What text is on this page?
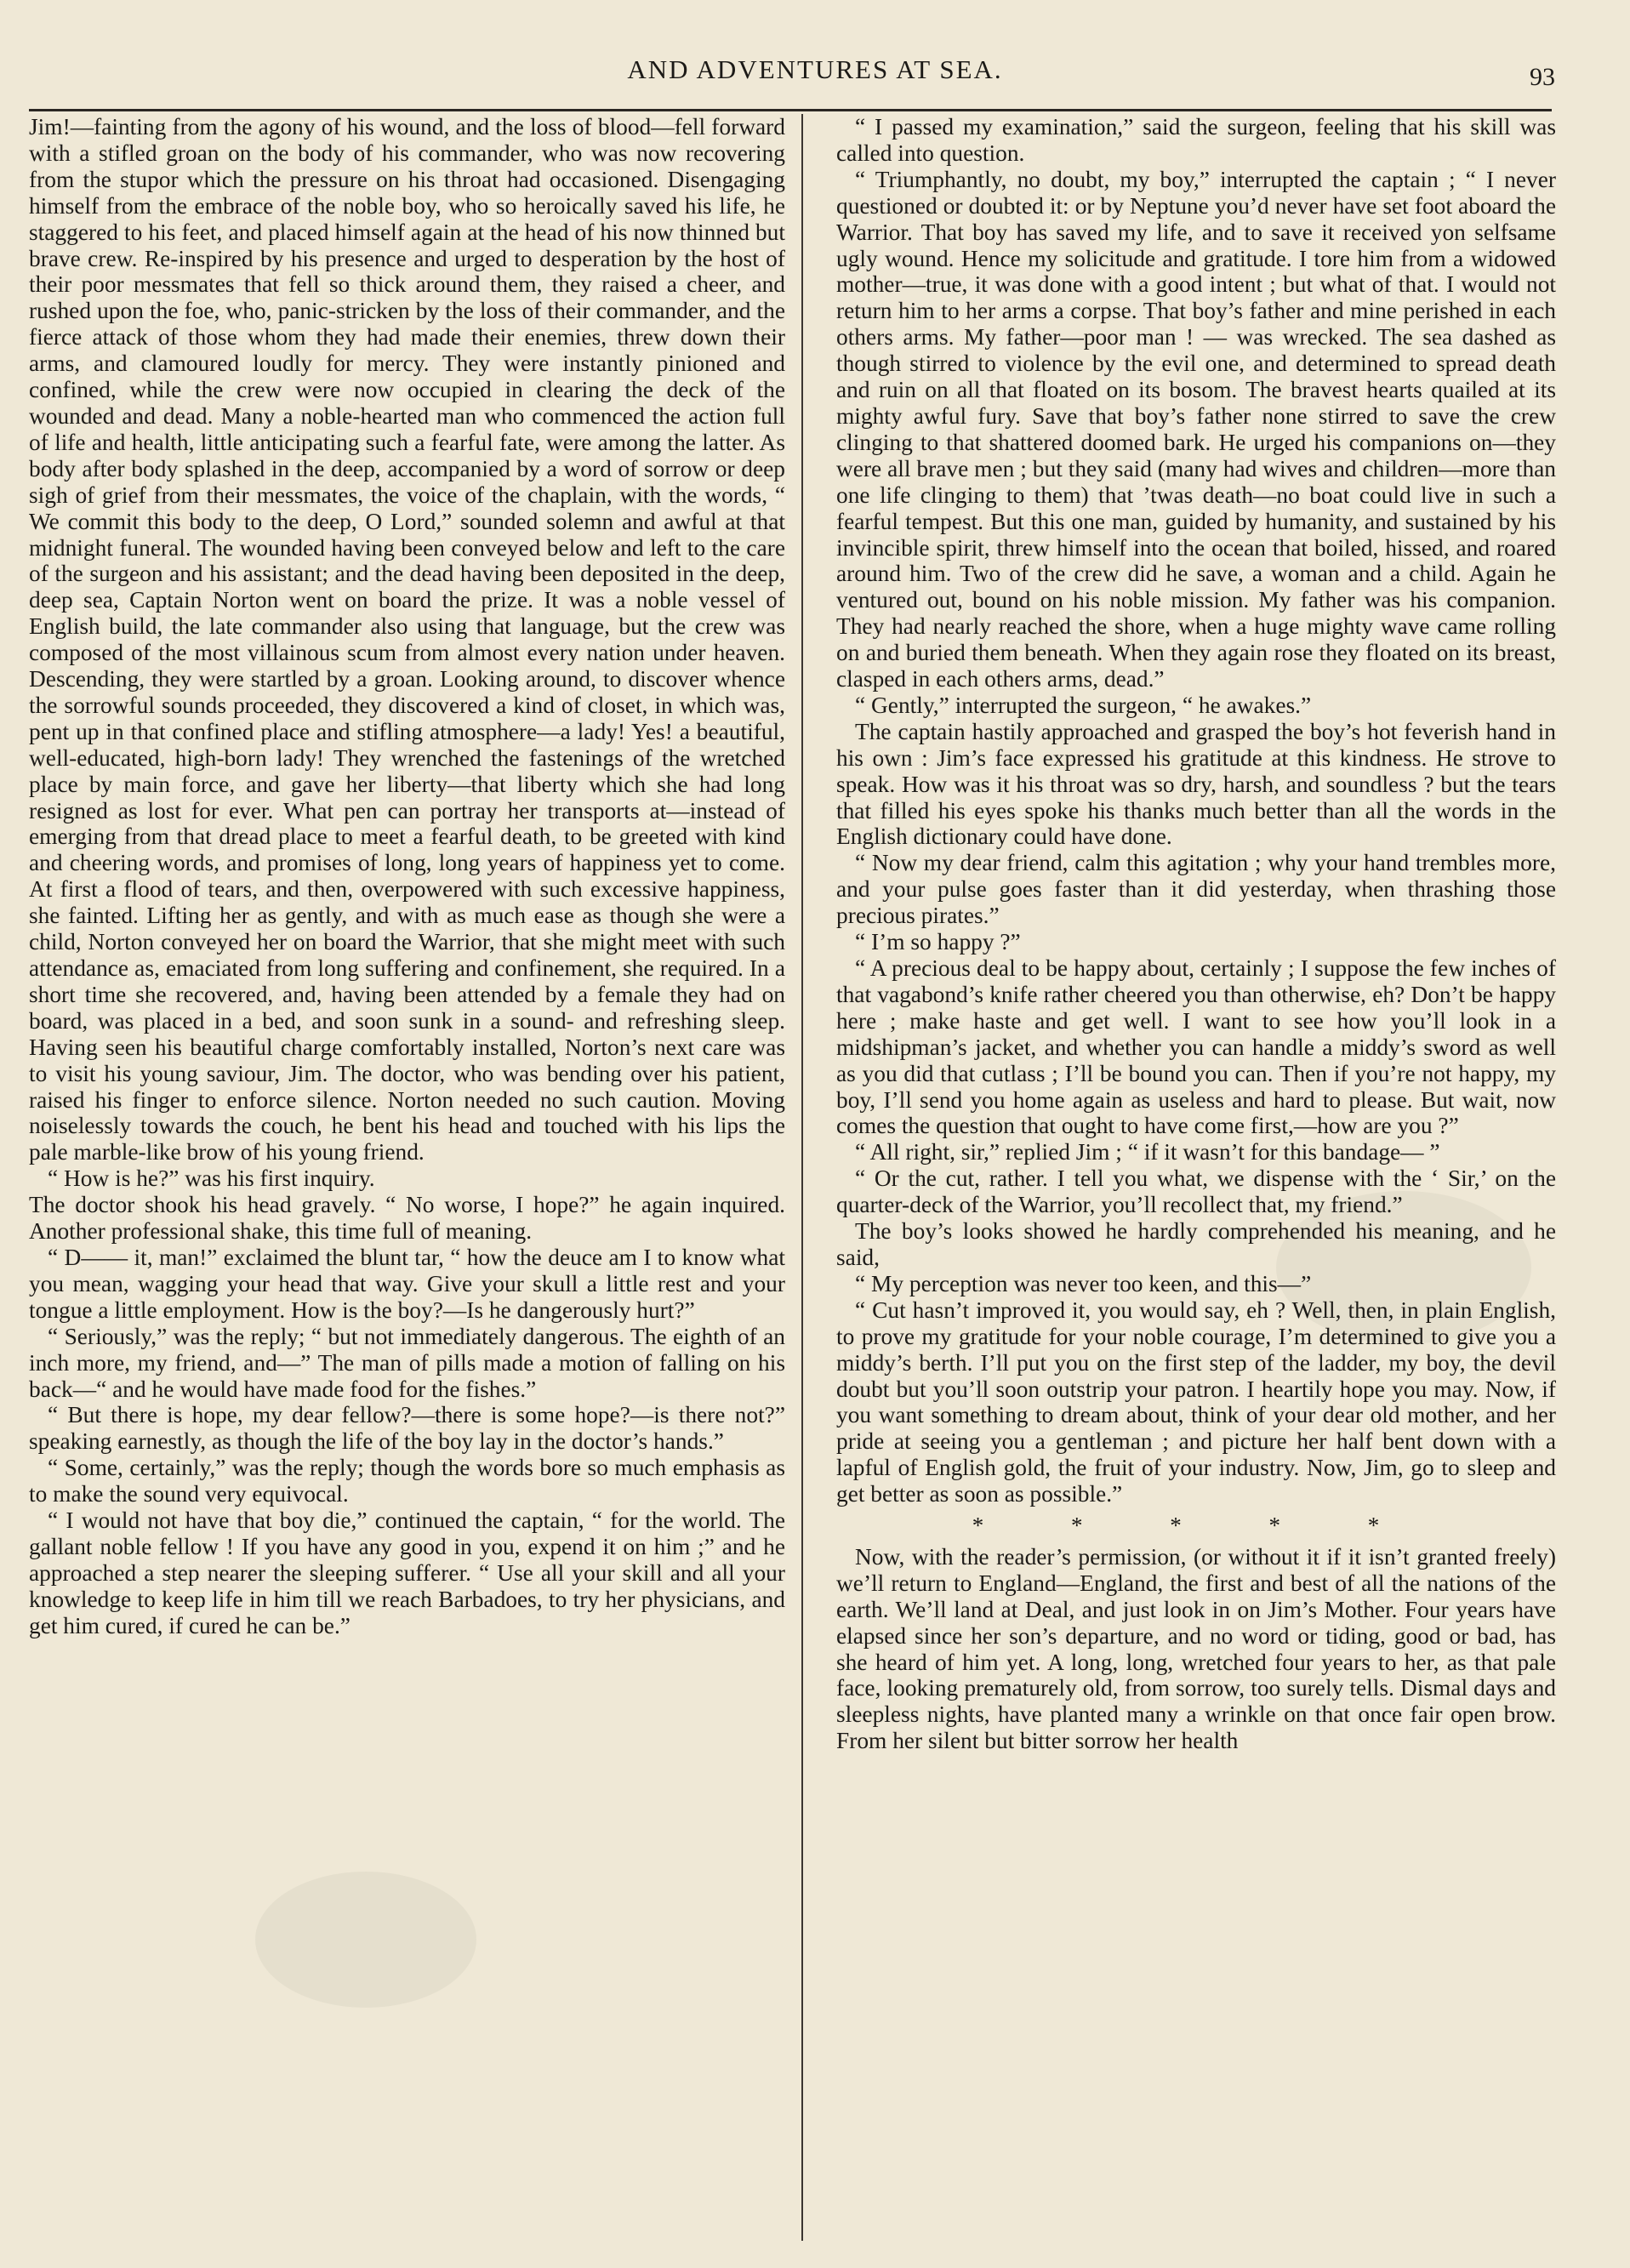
AND ADVENTURES AT SEA.	93

Jim!—fainting from the agony of his wound, and the loss of blood—fell forward with a stifled groan on the body of his commander, who was now recovering from the stupor which the pressure on his throat had occasioned. Disengaging himself from the embrace of the noble boy, who so heroically saved his life, he staggered to his feet, and placed himself again at the head of his now thinned but brave crew. Re-inspired by his presence and urged to desperation by the host of their poor messmates that fell so thick around them, they raised a cheer, and rushed upon the foe, who, panic-stricken by the loss of their commander, and the fierce attack of those whom they had made their enemies, threw down their arms, and clamoured loudly for mercy. They were instantly pinioned and confined, while the crew were now occupied in clearing the deck of the wounded and dead. Many a noble-hearted man who commenced the action full of life and health, little anticipating such a fearful fate, were among the latter. As body after body splashed in the deep, accompanied by a word of sorrow or deep sigh of grief from their messmates, the voice of the chaplain, with the words, “ We commit this body to the deep, O Lord,” sounded solemn and awful at that midnight funeral. The wounded having been conveyed below and left to the care of the surgeon and his assistant; and the dead having been deposited in the deep, deep sea, Captain Norton went on board the prize. It was a noble vessel of English build, the late commander also using that language, but the crew was composed of the most villainous scum from almost every nation under heaven. Descending, they were startled by a groan. Looking around, to discover whence the sorrowful sounds proceeded, they discovered a kind of closet, in which was, pent up in that confined place and stifling atmosphere—a lady! Yes! a beautiful, well-educated, high-born lady! They wrenched the fastenings of the wretched place by main force, and gave her liberty—that liberty which she had long resigned as lost for ever. What pen can portray her transports at—instead of emerging from that dread place to meet a fearful death, to be greeted with kind and cheering words, and promises of long, long years of happiness yet to come. At first a flood of tears, and then, overpowered with such excessive happiness, she fainted. Lifting her as gently, and with as much ease as though she were a child, Norton conveyed her on board the Warrior, that she might meet with such attendance as, emaciated from long suffering and confinement, she required. In a short time she recovered, and, having been attended by a female they had on board, was placed in a bed, and soon sunk in a sound- and refreshing sleep. Having seen his beautiful charge comfortably installed, Norton’s next care was to visit his young saviour, Jim. The doctor, who was bending over his patient, raised his finger to enforce silence. Norton needed no such caution. Moving noiselessly towards the couch, he bent his head and touched with his lips the pale marble-like brow of his young friend.

“ How is he?” was his first inquiry.

The doctor shook his head gravely. “ No worse, I hope?” he again inquired. Another professional shake, this time full of meaning.

“ D—— it, man!” exclaimed the blunt tar, “ how the deuce am I to know what you mean, wagging your head that way. Give your skull a little rest and your tongue a little employment. How is the boy?—Is he dangerously hurt?”

“ Seriously,” was the reply; “ but not immediately dangerous. The eighth of an inch more, my friend, and—” The man of pills made a motion of falling on his back—“ and he would have made food for the fishes.”

“ But there is hope, my dear fellow?—there is some hope?—is there not?” speaking earnestly, as though the life of the boy lay in the doctor’s hands.”

“ Some, certainly,” was the reply; though the words bore so much emphasis as to make the sound very equivocal.

“ I would not have that boy die,” continued the captain, “ for the world. The gallant noble fellow ! If you have any good in you, expend it on him ;” and he approached a step nearer the sleeping sufferer. “ Use all your skill and all your knowledge to keep life in him till we reach Barbadoes, to try her physicians, and get him cured, if cured he can be.”

“ I passed my examination,” said the surgeon, feeling that his skill was called into question.

“ Triumphantly, no doubt, my boy,” interrupted the captain ; “ I never questioned or doubted it: or by Neptune you’d never have set foot aboard the Warrior. That boy has saved my life, and to save it received yon selfsame ugly wound. Hence my solicitude and gratitude. I tore him from a widowed mother—true, it was done with a good intent ; but what of that. I would not return him to her arms a corpse. That boy’s father and mine perished in each others arms. My father—poor man ! — was wrecked. The sea dashed as though stirred to violence by the evil one, and determined to spread death and ruin on all that floated on its bosom. The bravest hearts quailed at its mighty awful fury. Save that boy’s father none stirred to save the crew clinging to that shattered doomed bark. He urged his companions on—they were all brave men ; but they said (many had wives and children—more than one life clinging to them) that ’twas death—no boat could live in such a fearful tempest. But this one man, guided by humanity, and sustained by his invincible spirit, threw himself into the ocean that boiled, hissed, and roared around him. Two of the crew did he save, a woman and a child. Again he ventured out, bound on his noble mission. My father was his companion. They had nearly reached the shore, when a huge mighty wave came rolling on and buried them beneath. When they again rose they floated on its breast, clasped in each others arms, dead.”

“ Gently,” interrupted the surgeon, “ he awakes.”

The captain hastily approached and grasped the boy’s hot feverish hand in his own : Jim’s face expressed his gratitude at this kindness. He strove to speak. How was it his throat was so dry, harsh, and soundless ? but the tears that filled his eyes spoke his thanks much better than all the words in the English dictionary could have done.

“ Now my dear friend, calm this agitation ; why your hand trembles more, and your pulse goes faster than it did yesterday, when thrashing those precious pirates.”

“ I’m so happy ?”

“ A precious deal to be happy about, certainly ; I suppose the few inches of that vagabond’s knife rather cheered you than otherwise, eh? Don’t be happy here ; make haste and get well. I want to see how you’ll look in a midshipman’s jacket, and whether you can handle a middy’s sword as well as you did that cutlass ; I’ll be bound you can. Then if you’re not happy, my boy, I’ll send you home again as useless and hard to please. But wait, now comes the question that ought to have come first,—how are you ?”

“ All right, sir,” replied Jim ; “ if it wasn’t for this bandage— ”

“ Or the cut, rather. I tell you what, we dispense with the ‘ Sir,’ on the quarter-deck of the Warrior, you’ll recollect that, my friend.”

The boy’s looks showed he hardly comprehended his meaning, and he said,

“ My perception was never too keen, and this—”

“ Cut hasn’t improved it, you would say, eh ? Well, then, in plain English, to prove my gratitude for your noble courage, I’m determined to give you a middy’s berth. I’ll put you on the first step of the ladder, my boy, the devil doubt but you’ll soon outstrip your patron. I heartily hope you may. Now, if you want something to dream about, think of your dear old mother, and her pride at seeing you a gentleman ; and picture her half bent down with a lapful of English gold, the fruit of your industry. Now, Jim, go to sleep and get better as soon as possible.”

* * * * *

Now, with the reader’s permission, (or without it if it isn’t granted freely) we’ll return to England—England, the first and best of all the nations of the earth. We’ll land at Deal, and just look in on Jim’s Mother. Four years have elapsed since her son’s departure, and no word or tiding, good or bad, has she heard of him yet. A long, long, wretched four years to her, as that pale face, looking prematurely old, from sorrow, too surely tells. Dismal days and sleepless nights, have planted many a wrinkle on that once fair open brow. From her silent but bitter sorrow her health
